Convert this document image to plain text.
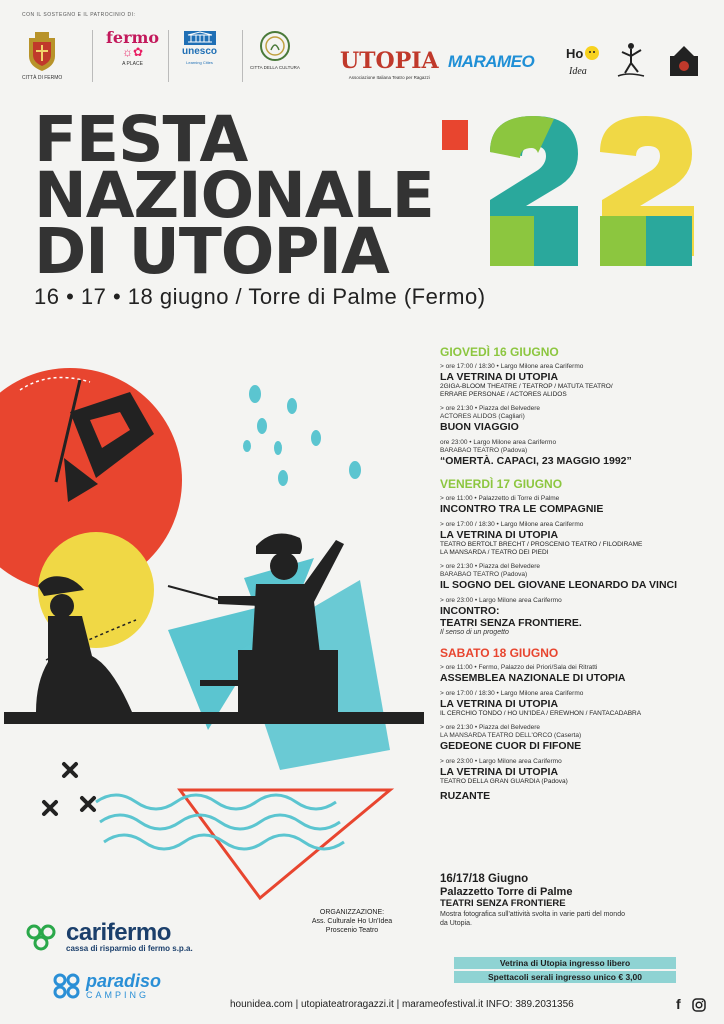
CON IL SOSTEGNO E IL PATROCINIO DI:
CITTÀ DI FERMO
fermo
☼✿
A PLACE
unesco
Learning Cities
CITTA DELLA CULTURA UTOPIA
Associazione Italiana Teatro per Ragazzi
MARAMEO Ho
Idea
FESTA
NAZIONALE
DI UTOPIA
16 • 17 • 18 giugno / Torre di Palme (Fermo)
GIOVEDÌ 16 GIUGNO
> ore 17:00 / 18:30 • Largo Milone area Carifermo
LA VETRINA DI UTOPIA
2GIGA-BLOOM THEATRE / TEATROP / MATUTA TEATRO/
ERRARE PERSONAE / ACTORES ALIDOS
> ore 21:30 • Piazza del Belvedere
ACTORES ALIDOS (Cagliari)
BUON VIAGGIO
ore 23:00 • Largo Milone area Carifermo
BARABAO TEATRO (Padova)
“OMERTÀ. CAPACI, 23 MAGGIO 1992”
VENERDÌ 17 GIUGNO
> ore 11:00 • Palazzetto di Torre di Palme
INCONTRO TRA LE COMPAGNIE
> ore 17:00 / 18:30 • Largo Milone area Carifermo
LA VETRINA DI UTOPIA
TEATRO BERTOLT BRECHT / PROSCENIO TEATRO / FILODIRAME
LA MANSARDA / TEATRO DEI PIEDI
> ore 21:30 • Piazza del Belvedere
BARABAO TEATRO (Padova)
IL SOGNO DEL GIOVANE LEONARDO DA VINCI
> ore 23:00 • Largo Milone area Carifermo
INCONTRO:
TEATRI SENZA FRONTIERE.
Il senso di un progetto
SABATO 18 GIUGNO
> ore 11:00 • Fermo, Palazzo dei Priori/Sala dei Ritratti
ASSEMBLEA NAZIONALE DI UTOPIA
> ore 17:00 / 18:30 • Largo Milone area Carifermo
LA VETRINA DI UTOPIA
IL CERCHIO TONDO / HO UN'IDEA / EREWHON / FANTACADABRA
> ore 21:30 • Piazza del Belvedere
LA MANSARDA TEATRO DELL'ORCO (Caserta)
GEDEONE CUOR DI FIFONE
> ore 23:00 • Largo Milone area Carifermo
LA VETRINA DI UTOPIA
TEATRO DELLA GRAN GUARDIA (Padova)
RUZANTE
16/17/18 Giugno
Palazzetto Torre di Palme
TEATRI SENZA FRONTIERE
Mostra fotografica sull'attività svolta in varie parti del mondo
da Utopia.
Vetrina di Utopia ingresso libero
Spettacoli serali ingresso unico € 3,00
ORGANIZZAZIONE:
Ass. Culturale Ho Un'Idea
Proscenio Teatro
carifermo
cassa di risparmio di fermo s.p.a.
paradiso
CAMPING
hounidea.com | utopiateatroragazzi.it | marameofestival.it INFO: 389.2031356	f
